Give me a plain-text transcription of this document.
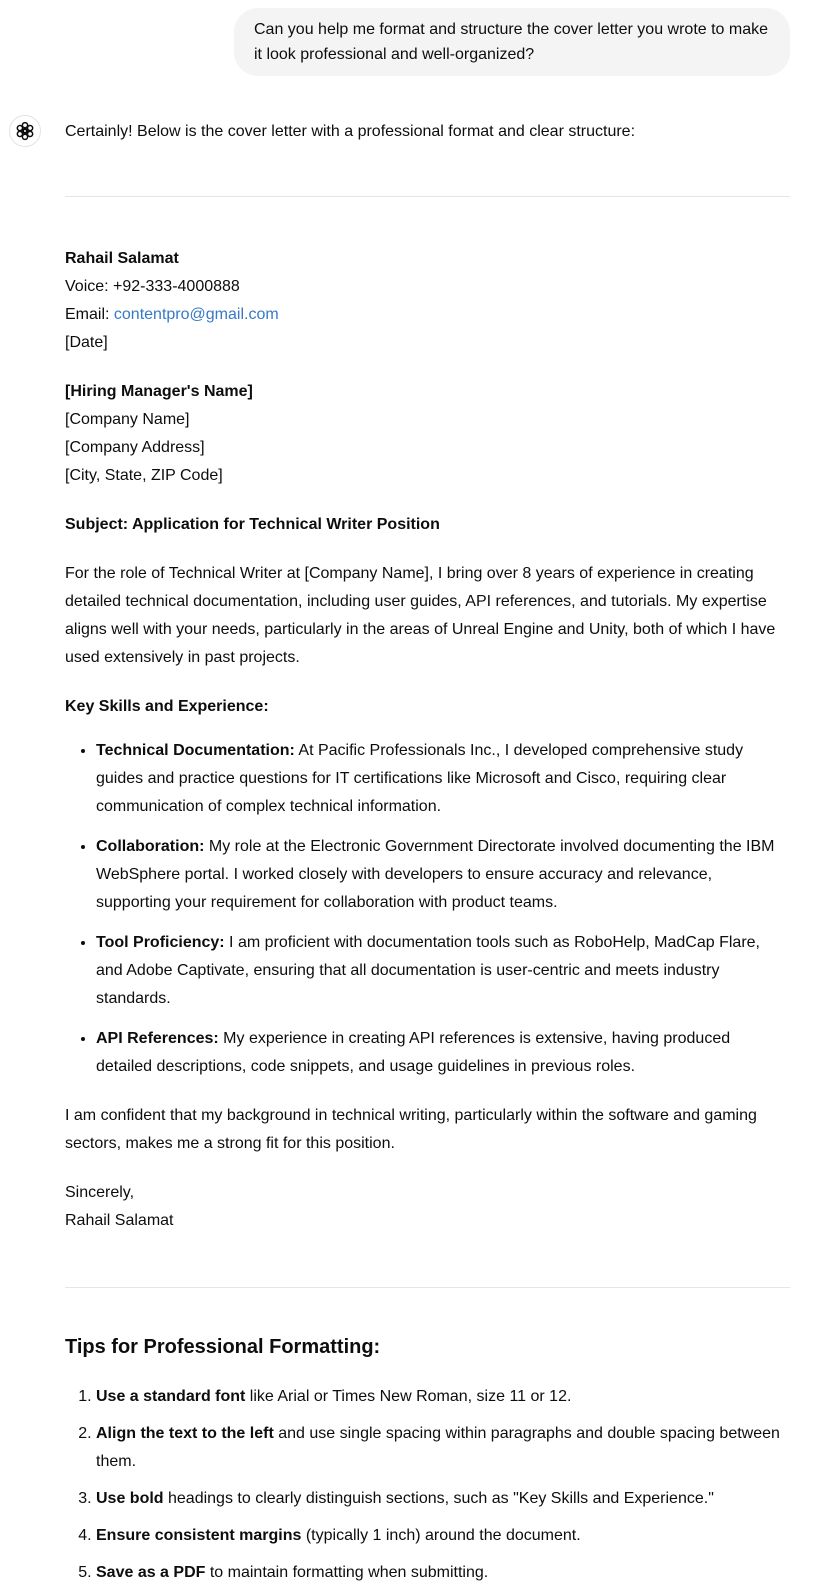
Can you help me format and structure the cover letter you wrote to make it look professional and well-organized?

Certainly! Below is the cover letter with a professional format and clear structure:

Rahail Salamat
Voice: +92-333-4000888
Email: contentpro@gmail.com
[Date]
[Hiring Manager's Name]
[Company Name]
[Company Address]
[City, State, ZIP Code]
Subject: Application for Technical Writer Position

For the role of Technical Writer at [Company Name], I bring over 8 years of experience in creating detailed technical documentation, including user guides, API references, and tutorials. My expertise aligns well with your needs, particularly in the areas of Unreal Engine and Unity, both of which I have used extensively in past projects.

Key Skills and Experience:
• Technical Documentation: At Pacific Professionals Inc., I developed comprehensive study guides and practice questions for IT certifications like Microsoft and Cisco, requiring clear communication of complex technical information.
• Collaboration: My role at the Electronic Government Directorate involved documenting the IBM WebSphere portal. I worked closely with developers to ensure accuracy and relevance, supporting your requirement for collaboration with product teams.
• Tool Proficiency: I am proficient with documentation tools such as RoboHelp, MadCap Flare, and Adobe Captivate, ensuring that all documentation is user-centric and meets industry standards.
• API References: My experience in creating API references is extensive, having produced detailed descriptions, code snippets, and usage guidelines in previous roles.

I am confident that my background in technical writing, particularly within the software and gaming sectors, makes me a strong fit for this position.

Sincerely,
Rahail Salamat
Tips for Professional Formatting:
1. Use a standard font like Arial or Times New Roman, size 11 or 12.
2. Align the text to the left and use single spacing within paragraphs and double spacing between them.
3. Use bold headings to clearly distinguish sections, such as "Key Skills and Experience."
4. Ensure consistent margins (typically 1 inch) around the document.
5. Save as a PDF to maintain formatting when submitting.
